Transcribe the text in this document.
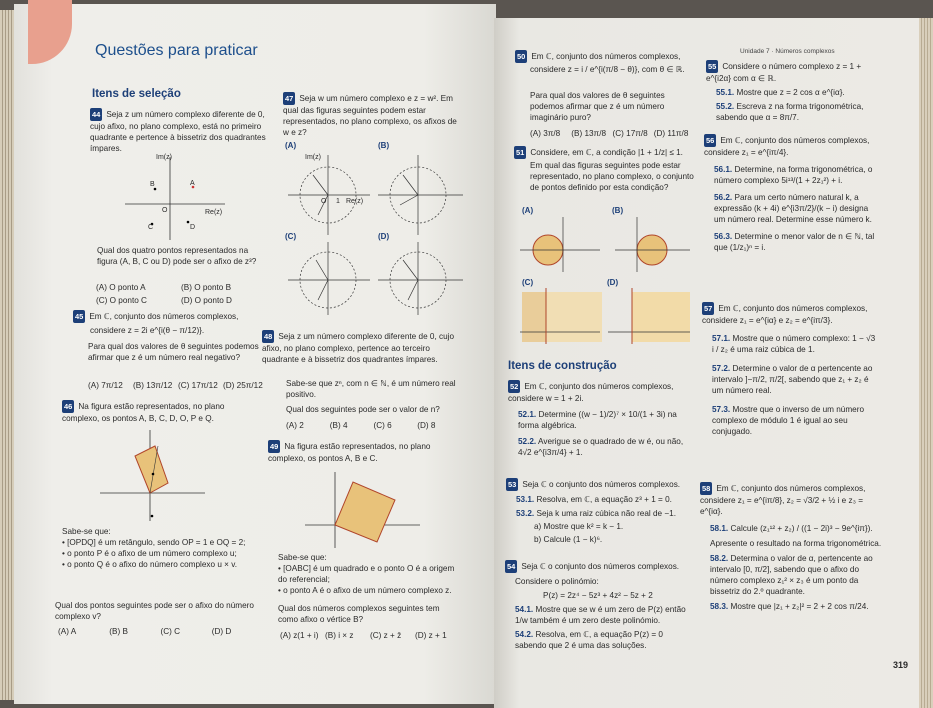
Questões para praticar
Itens de seleção
44 Seja z um número complexo diferente de 0, cujo afixo, no plano complexo, está no primeiro quadrante e pertence à bissetriz dos quadrantes ímpares.
Im(z)
Re(z)
O
A
B
C	D
Qual dos quatro pontos representados na figura (A, B, C ou D) pode ser o afixo de z³?
(A) O ponto A	(B) O ponto B
(C) O ponto C	(D) O ponto D
45 Em ℂ, conjunto dos números complexos,
considere z = 2i e^{i(θ − π/12)}.
Para qual dos valores de θ seguintes podemos afirmar que z é um número real negativo?
(A) 7π/12	(B) 13π/12 (C) 17π/12 (D) 25π/12
46 Na figura estão representados, no plano complexo, os pontos A, B, C, D, O, P e Q.
Sabe-se que:
• [OPDQ] é um retângulo, sendo OP = 1 e OQ = 2;
• o ponto P é o afixo de um número complexo u;
• o ponto Q é o afixo do número complexo u × v.
Qual dos pontos seguintes pode ser o afixo do número complexo v?
(A) A	(B) B	(C) C	(D) D
47 Seja w um número complexo e z = w². Em qual das figuras seguintes podem estar representados, no plano complexo, os afixos de w e z?
(A)	(B)
(C)	(D)
Im(z)
Re(z)
O 1
48 Seja z um número complexo diferente de 0, cujo afixo, no plano complexo, pertence ao terceiro quadrante e à bissetriz dos quadrantes ímpares.
Sabe-se que zⁿ, com n ∈ ℕ, é um número real positivo.
Qual dos seguintes pode ser o valor de n?
(A) 2	(B) 4	(C) 6	(D) 8
49 Na figura estão representados, no plano complexo, os pontos A, B e C.
Sabe-se que:
• [OABC] é um quadrado e o ponto O é a origem do referencial;
• o ponto A é o afixo de um número complexo z.
Qual dos números complexos seguintes tem como afixo o vértice B?
(A) z(1 + i) (B) i × z	(C) z + z̄	(D) z + 1
Unidade 7 · Números complexos
50 Em ℂ, conjunto dos números complexos,
considere z = i / e^{i(π/8 − θ)}, com θ ∈ ℝ.
Para qual dos valores de θ seguintes podemos afirmar que z é um número imaginário puro?
(A) 3π/8	(B) 13π/8 (C) 17π/8 (D) 11π/8
51 Considere, em ℂ, a condição |1 + 1/z| ≤ 1.
Em qual das figuras seguintes pode estar representado, no plano complexo, o conjunto de pontos definido por esta condição?
(A)	(B)
(C)	(D)
Itens de construção
52 Em ℂ, conjunto dos números complexos, considere w = 1 + 2i.
52.1. Determine ((w − 1)/2)⁷ × 10/(1 + 3i) na forma algébrica.
52.2. Averigue se o quadrado de w é, ou não, 4√2 e^{i3π/4} + 1.
53 Seja ℂ o conjunto dos números complexos.
53.1. Resolva, em ℂ, a equação z³ + 1 = 0.
53.2. Seja k uma raiz cúbica não real de −1.
a) Mostre que k² = k − 1.
b) Calcule (1 − k)⁶.
54 Seja ℂ o conjunto dos números complexos.
Considere o polinómio:
P(z) = 2z⁴ − 5z³ + 4z² − 5z + 2
54.1. Mostre que se w é um zero de P(z) então 1/w também é um zero deste polinómio.
54.2. Resolva, em ℂ, a equação P(z) = 0 sabendo que 2 é uma das soluções.
55 Considere o número complexo z = 1 + e^{i2α} com α ∈ ℝ.
55.1. Mostre que z = 2 cos α e^{iα}.
55.2. Escreva z na forma trigonométrica, sabendo que α = 8π/7.
56 Em ℂ, conjunto dos números complexos, considere z₁ = e^{iπ/4}.
56.1. Determine, na forma trigonométrica, o número complexo 5i¹³/(1 + 2z₁²) + i.
56.2. Para um certo número natural k, a expressão (k + 4i) e^{i3π/2}/(k − i) designa um número real. Determine esse número k.
56.3. Determine o menor valor de n ∈ ℕ, tal que (1/z₁)ⁿ = i.
57 Em ℂ, conjunto dos números complexos, considere z₁ = e^{iα} e z₂ = e^{iπ/3}.
57.1. Mostre que o número complexo: 1 − √3 i / z₂ é uma raiz cúbica de 1.
57.2. Determine o valor de α pertencente ao intervalo ]−π/2, π/2[, sabendo que z₁ + z₂ é um número real.
57.3. Mostre que o inverso de um número complexo de módulo 1 é igual ao seu conjugado.
58 Em ℂ, conjunto dos números complexos, considere z₁ = e^{iπ/8}, z₂ = √3/2 + ½ i e z₃ = e^{iα}.
58.1. Calcule (z₁¹² + z₂) / ((1 − 2i)³ − 9e^{iπ}).
Apresente o resultado na forma trigonométrica.
58.2. Determina o valor de α, pertencente ao intervalo [0, π/2], sabendo que o afixo do número complexo z₁² × z₃ é um ponto da bissetriz do 2.º quadrante.
58.3. Mostre que |z₁ + z₂|² = 2 + 2 cos π/24.
319
